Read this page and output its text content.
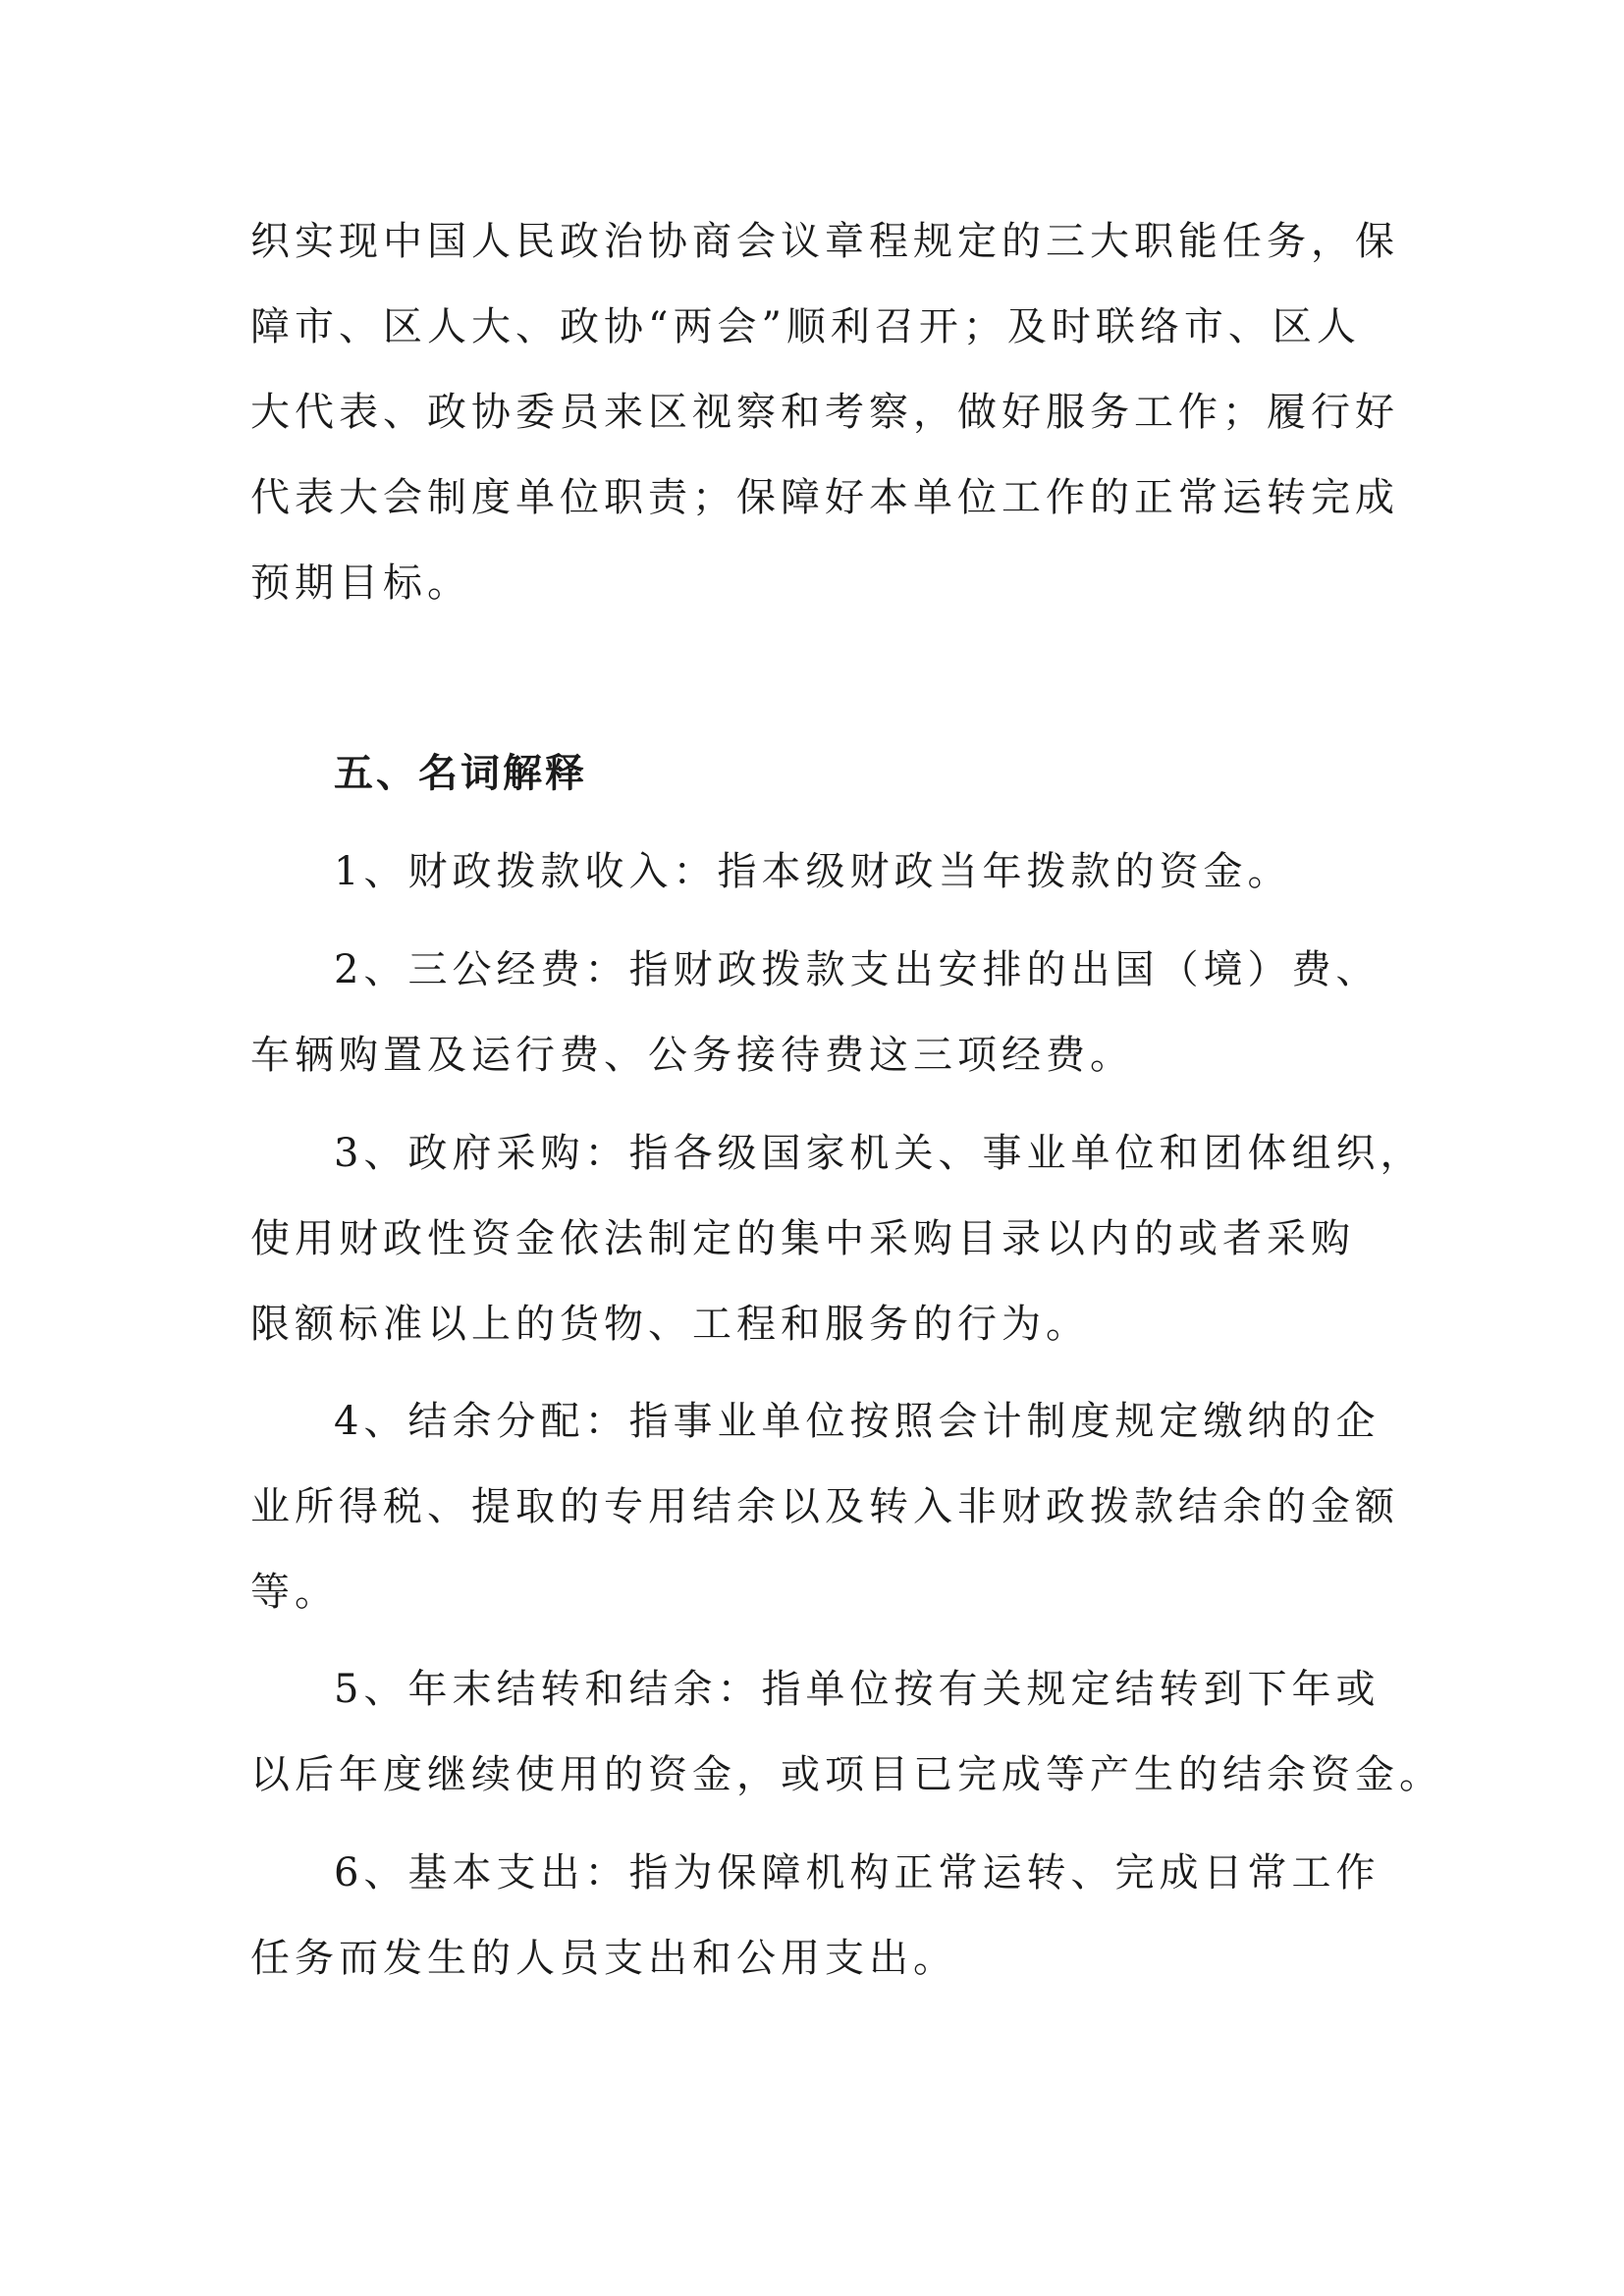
织实现中国人民政治协商会议章程规定的三大职能任务，保
障市、区人大、政协“两会”顺利召开；及时联络市、区人
大代表、政协委员来区视察和考察，做好服务工作；履行好
代表大会制度单位职责；保障好本单位工作的正常运转完成
预期目标。
五、名词解释
1、财政拨款收入：指本级财政当年拨款的资金。
2、三公经费：指财政拨款支出安排的出国（境）费、
车辆购置及运行费、公务接待费这三项经费。
3、政府采购：指各级国家机关、事业单位和团体组织，
使用财政性资金依法制定的集中采购目录以内的或者采购
限额标准以上的货物、工程和服务的行为。
4、结余分配：指事业单位按照会计制度规定缴纳的企
业所得税、提取的专用结余以及转入非财政拨款结余的金额
等。
5、年末结转和结余：指单位按有关规定结转到下年或
以后年度继续使用的资金，或项目已完成等产生的结余资金。
6、基本支出：指为保障机构正常运转、完成日常工作
任务而发生的人员支出和公用支出。
